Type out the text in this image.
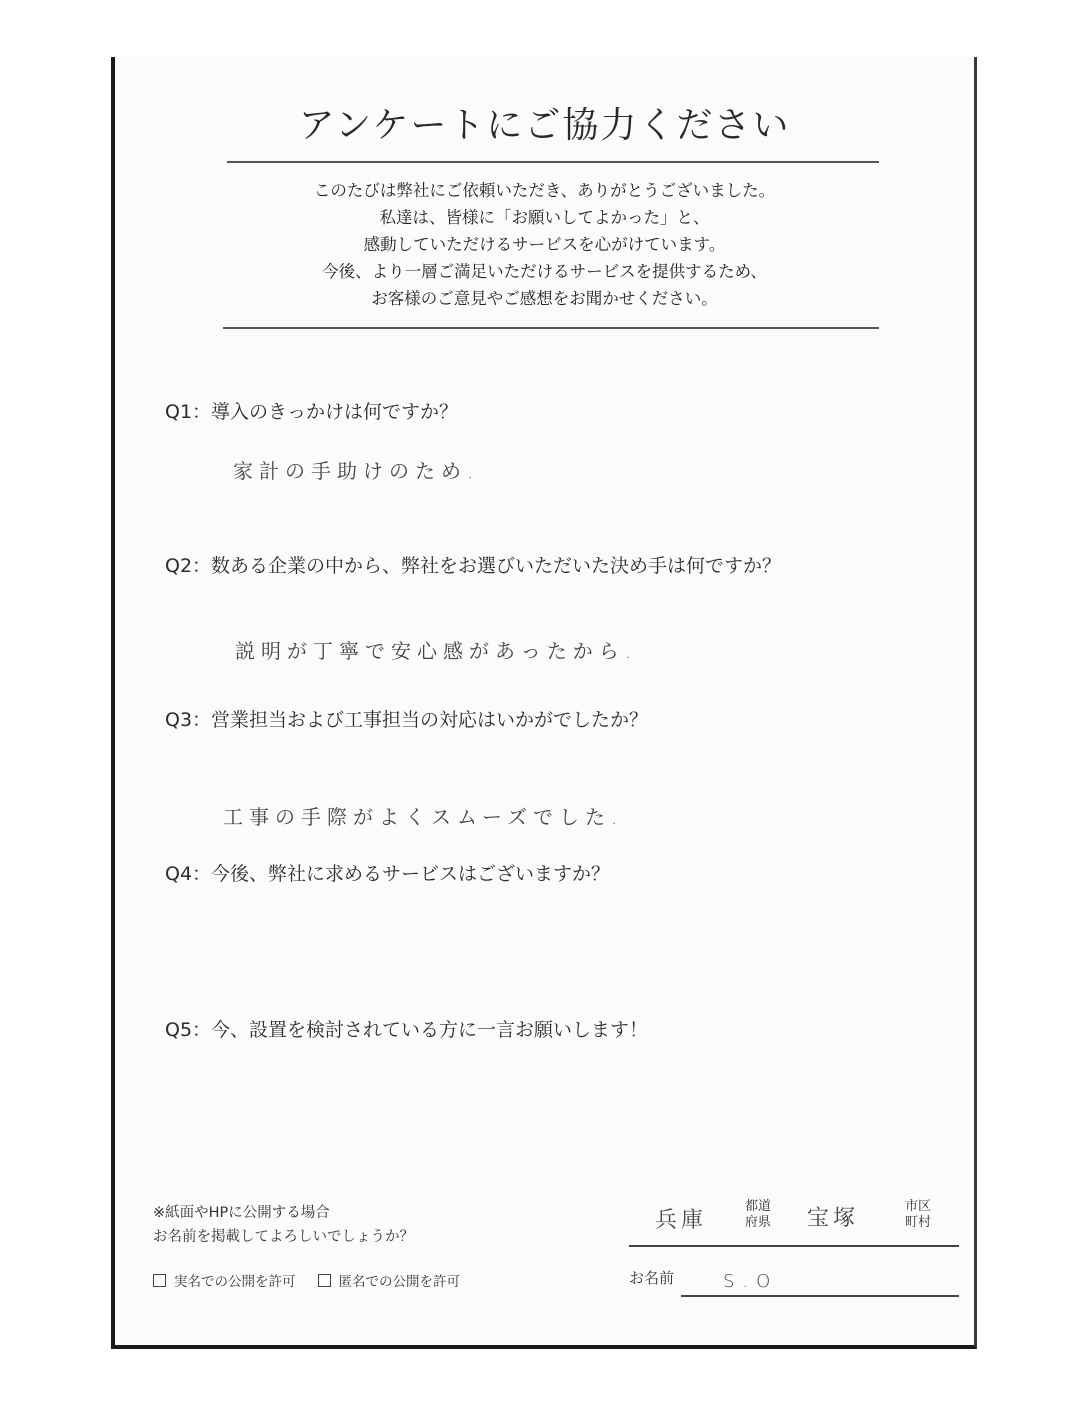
アンケートにご協力ください
このたびは弊社にご依頼いただき、ありがとうございました。
私達は、皆様に「お願いしてよかった」と、
感動していただけるサービスを心がけています。
今後、より一層ご満足いただけるサービスを提供するため、
お客様のご意見やご感想をお聞かせください。
Q1：導入のきっかけは何ですか？
家計の手助けのため.
Q2：数ある企業の中から、弊社をお選びいただいた決め手は何ですか？
説明が丁寧で安心感があったから.
Q3：営業担当および工事担当の対応はいかがでしたか？
工事の手際がよくスムーズでした.
Q4：今後、弊社に求めるサービスはございますか？
Q5：今、設置を検討されている方に一言お願いします！
※紙面やHPに公開する場合
お名前を掲載してよろしいでしょうか？
実名での公開を許可	匿名での公開を許可
兵庫
都道
府県 宝塚	市区
町村
お名前	S.O
